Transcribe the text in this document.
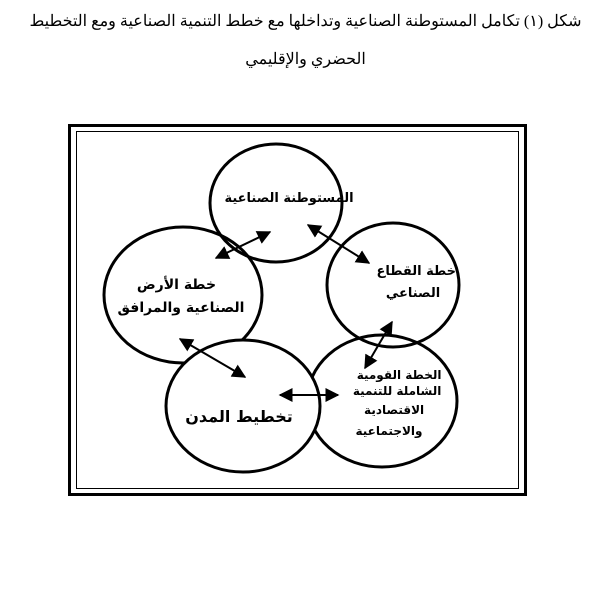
شكل (١) تكامل المستوطنة الصناعية وتداخلها مع خطط التنمية الصناعية ومع التخطيط
الحضري والإقليمي
المستوطنة الصناعية
خطة القطاع الصناعي
الخطة القومية الشاملة للتنمية الاقتصادية والاجتماعية
تخطيط المدن
خطة الأرض الصناعية والمرافق
